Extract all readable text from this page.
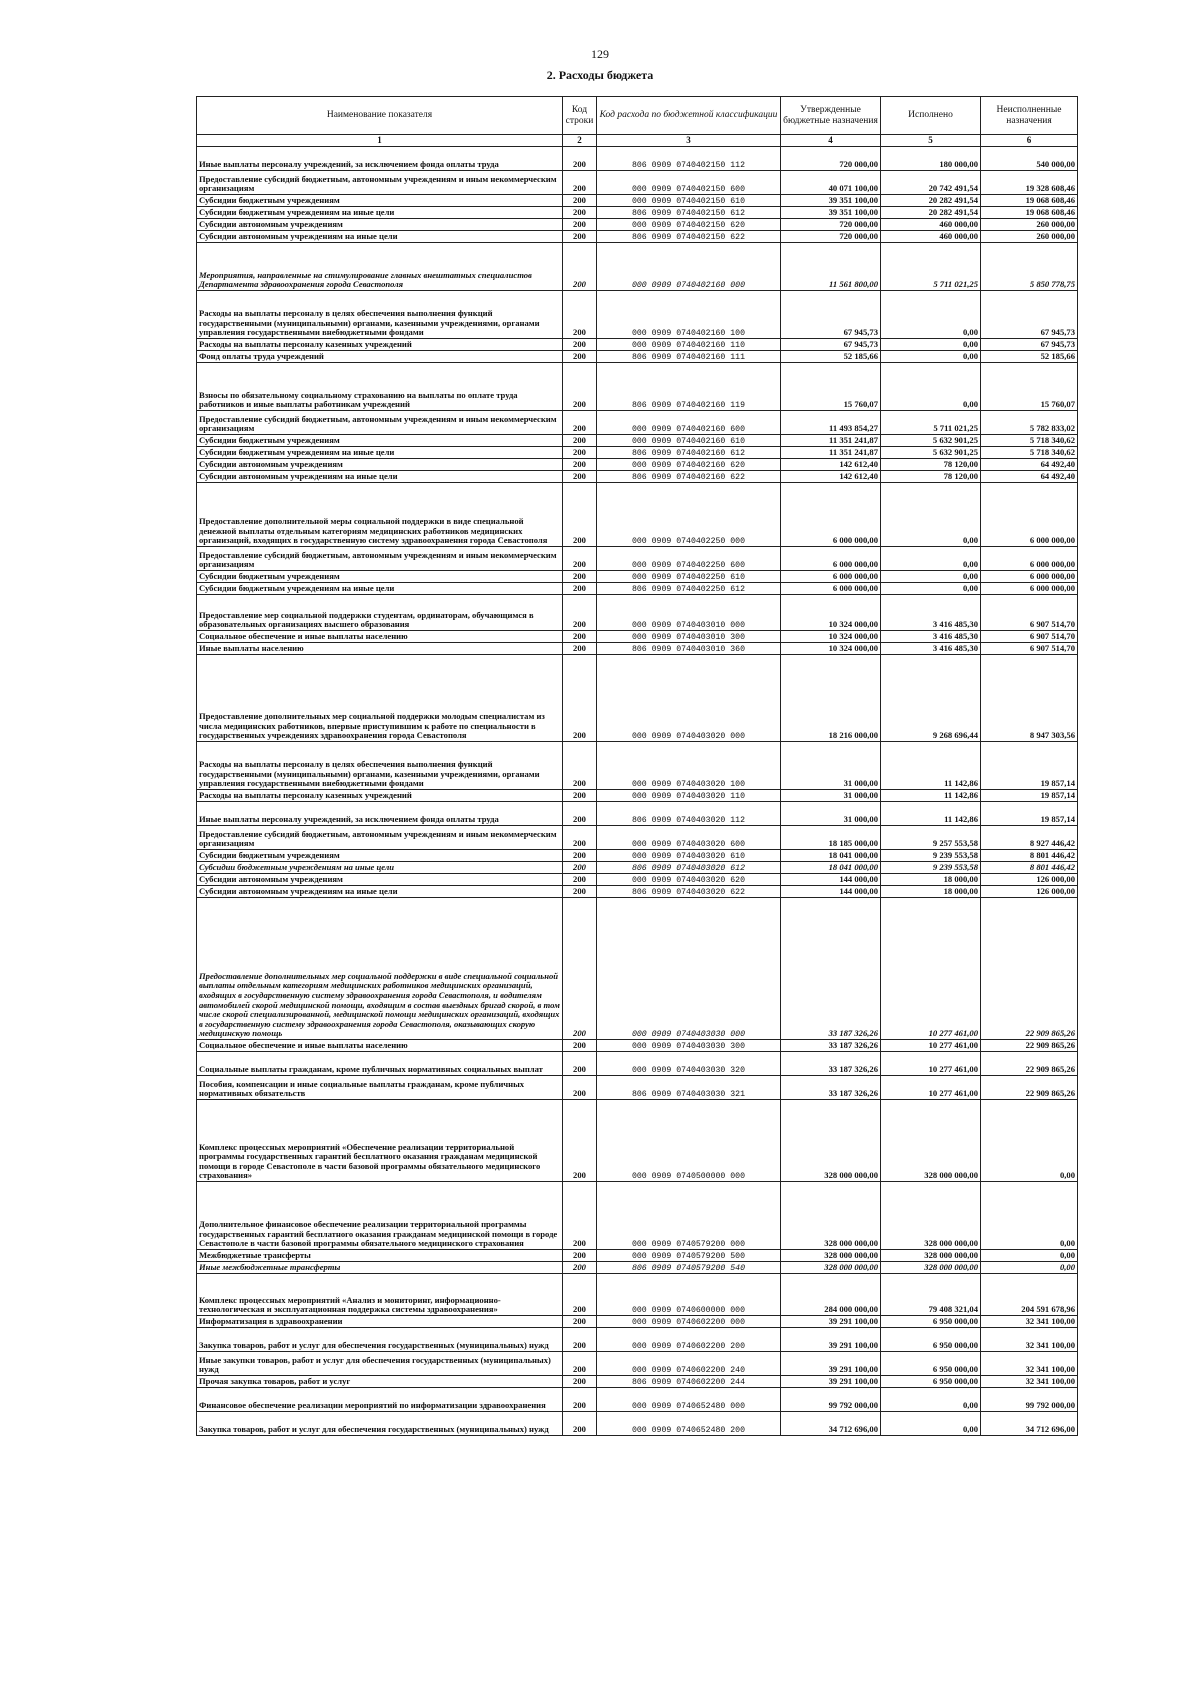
129
2. Расходы бюджета
Наименование показателя	Код строки	Код расхода по бюджетной классификации	Утвержденные бюджетные назначения	Исполнено	Неисполненные назначения
1	2	3	4	5	6
Иные выплаты персоналу учреждений, за исключением фонда оплаты труда	200	806 0909 0740402150 112	720 000,00	180 000,00	540 000,00
Предоставление субсидий бюджетным, автономным учреждениям и иным некоммерческим организациям	200	000 0909 0740402150 600	40 071 100,00	20 742 491,54	19 328 608,46
Субсидии бюджетным учреждениям	200	000 0909 0740402150 610	39 351 100,00	20 282 491,54	19 068 608,46
Субсидии бюджетным учреждениям на иные цели	200	806 0909 0740402150 612	39 351 100,00	20 282 491,54	19 068 608,46
Субсидии автономным учреждениям	200	000 0909 0740402150 620	720 000,00	460 000,00	260 000,00
Субсидии автономным учреждениям на иные цели	200	806 0909 0740402150 622	720 000,00	460 000,00	260 000,00
Мероприятия, направленные на стимулирование главных внештатных специалистов Департамента здравоохранения города Севастополя	200	000 0909 0740402160 000	11 561 800,00	5 711 021,25	5 850 778,75
Расходы на выплаты персоналу в целях обеспечения выполнения функций государственными (муниципальными) органами, казенными учреждениями, органами управления государственными внебюджетными фондами	200	000 0909 0740402160 100	67 945,73	0,00	67 945,73
Расходы на выплаты персоналу казенных учреждений	200	000 0909 0740402160 110	67 945,73	0,00	67 945,73
Фонд оплаты труда учреждений	200	806 0909 0740402160 111	52 185,66	0,00	52 185,66
Взносы по обязательному социальному страхованию на выплаты по оплате труда работников и иные выплаты работникам учреждений	200	806 0909 0740402160 119	15 760,07	0,00	15 760,07
Предоставление субсидий бюджетным, автономным учреждениям и иным некоммерческим организациям	200	000 0909 0740402160 600	11 493 854,27	5 711 021,25	5 782 833,02
Субсидии бюджетным учреждениям	200	000 0909 0740402160 610	11 351 241,87	5 632 901,25	5 718 340,62
Субсидии бюджетным учреждениям на иные цели	200	806 0909 0740402160 612	11 351 241,87	5 632 901,25	5 718 340,62
Субсидии автономным учреждениям	200	000 0909 0740402160 620	142 612,40	78 120,00	64 492,40
Субсидии автономным учреждениям на иные цели	200	806 0909 0740402160 622	142 612,40	78 120,00	64 492,40
Предоставление дополнительной меры социальной поддержки в виде специальной денежной выплаты отдельным категориям медицинских работников медицинских организаций, входящих в государственную систему здравоохранения города Севастополя	200	000 0909 0740402250 000	6 000 000,00	0,00	6 000 000,00
Предоставление субсидий бюджетным, автономным учреждениям и иным некоммерческим организациям	200	000 0909 0740402250 600	6 000 000,00	0,00	6 000 000,00
Субсидии бюджетным учреждениям	200	000 0909 0740402250 610	6 000 000,00	0,00	6 000 000,00
Субсидии бюджетным учреждениям на иные цели	200	806 0909 0740402250 612	6 000 000,00	0,00	6 000 000,00
Предоставление мер социальной поддержки студентам, ординаторам, обучающимся в образовательных организациях высшего образования	200	000 0909 0740403010 000	10 324 000,00	3 416 485,30	6 907 514,70
Социальное обеспечение и иные выплаты населению	200	000 0909 0740403010 300	10 324 000,00	3 416 485,30	6 907 514,70
Иные выплаты населению	200	806 0909 0740403010 360	10 324 000,00	3 416 485,30	6 907 514,70
Предоставление дополнительных мер социальной поддержки молодым специалистам из числа медицинских работников, впервые приступившим к работе по специальности в государственных учреждениях здравоохранения города Севастополя	200	000 0909 0740403020 000	18 216 000,00	9 268 696,44	8 947 303,56
Расходы на выплаты персоналу в целях обеспечения выполнения функций государственными (муниципальными) органами, казенными учреждениями, органами управления государственными внебюджетными фондами	200	000 0909 0740403020 100	31 000,00	11 142,86	19 857,14
Расходы на выплаты персоналу казенных учреждений	200	000 0909 0740403020 110	31 000,00	11 142,86	19 857,14
Иные выплаты персоналу учреждений, за исключением фонда оплаты труда	200	806 0909 0740403020 112	31 000,00	11 142,86	19 857,14
Предоставление субсидий бюджетным, автономным учреждениям и иным некоммерческим организациям	200	000 0909 0740403020 600	18 185 000,00	9 257 553,58	8 927 446,42
Субсидии бюджетным учреждениям	200	000 0909 0740403020 610	18 041 000,00	9 239 553,58	8 801 446,42
Субсидии бюджетным учреждениям на иные цели	200	806 0909 0740403020 612	18 041 000,00	9 239 553,58	8 801 446,42
Субсидии автономным учреждениям	200	000 0909 0740403020 620	144 000,00	18 000,00	126 000,00
Субсидии автономным учреждениям на иные цели	200	806 0909 0740403020 622	144 000,00	18 000,00	126 000,00
Предоставление дополнительных мер социальной поддержки в виде специальной социальной выплаты отдельным категориям медицинских работников медицинских организаций, входящих в государственную систему здравоохранения города Севастополя, и водителям автомобилей скорой медицинской помощи, входящим в состав выездных бригад скорой, в том числе скорой специализированной, медицинской помощи медицинских организаций, входящих в государственную систему здравоохранения города Севастополя, оказывающих скорую медицинскую помощь	200	000 0909 0740403030 000	33 187 326,26	10 277 461,00	22 909 865,26
Социальное обеспечение и иные выплаты населению	200	000 0909 0740403030 300	33 187 326,26	10 277 461,00	22 909 865,26
Социальные выплаты гражданам, кроме публичных нормативных социальных выплат	200	000 0909 0740403030 320	33 187 326,26	10 277 461,00	22 909 865,26
Пособия, компенсации и иные социальные выплаты гражданам, кроме публичных нормативных обязательств	200	806 0909 0740403030 321	33 187 326,26	10 277 461,00	22 909 865,26
Комплекс процессных мероприятий «Обеспечение реализации территориальной программы государственных гарантий бесплатного оказания гражданам медицинской помощи в городе Севастополе в части базовой программы обязательного медицинского страхования»	200	000 0909 0740500000 000	328 000 000,00	328 000 000,00	0,00
Дополнительное финансовое обеспечение реализации территориальной программы государственных гарантий бесплатного оказания гражданам медицинской помощи в городе Севастополе в части базовой программы обязательного медицинского страхования	200	000 0909 0740579200 000	328 000 000,00	328 000 000,00	0,00
Межбюджетные трансферты	200	000 0909 0740579200 500	328 000 000,00	328 000 000,00	0,00
Иные межбюджетные трансферты	200	806 0909 0740579200 540	328 000 000,00	328 000 000,00	0,00
Комплекс процессных мероприятий «Анализ и мониторинг, информационно-технологическая и эксплуатационная поддержка системы здравоохранения»	200	000 0909 0740600000 000	284 000 000,00	79 408 321,04	204 591 678,96
Информатизация в здравоохранении	200	000 0909 0740602200 000	39 291 100,00	6 950 000,00	32 341 100,00
Закупка товаров, работ и услуг для обеспечения государственных (муниципальных) нужд	200	000 0909 0740602200 200	39 291 100,00	6 950 000,00	32 341 100,00
Иные закупки товаров, работ и услуг для обеспечения государственных (муниципальных) нужд	200	000 0909 0740602200 240	39 291 100,00	6 950 000,00	32 341 100,00
Прочая закупка товаров, работ и услуг	200	806 0909 0740602200 244	39 291 100,00	6 950 000,00	32 341 100,00
Финансовое обеспечение реализации мероприятий по информатизации здравоохранения	200	000 0909 0740652480 000	99 792 000,00	0,00	99 792 000,00
Закупка товаров, работ и услуг для обеспечения государственных (муниципальных) нужд	200	000 0909 0740652480 200	34 712 696,00	0,00	34 712 696,00
